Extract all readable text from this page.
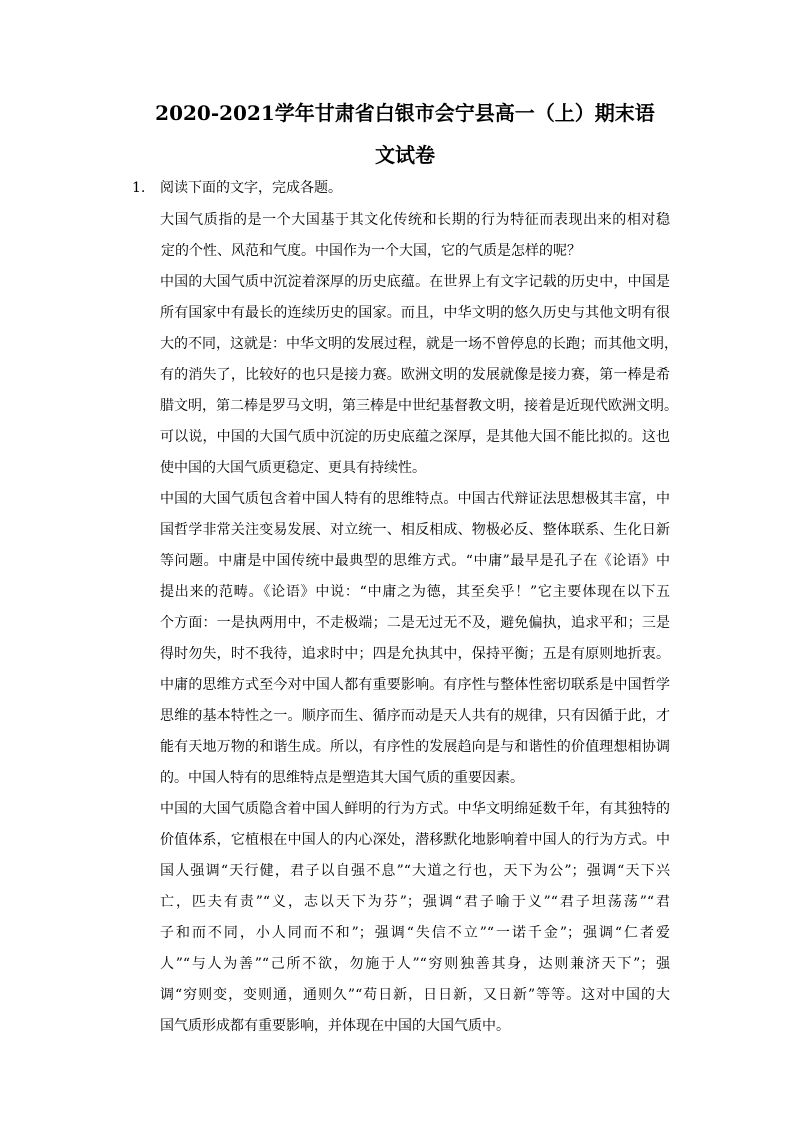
2020-2021学年甘肃省白银市会宁县高一（上）期末语
文试卷
1. 阅读下面的文字，完成各题。
大国气质指的是一个大国基于其文化传统和长期的行为特征而表现出来的相对稳
定的个性、风范和气度。中国作为一个大国，它的气质是怎样的呢？
中国的大国气质中沉淀着深厚的历史底蕴。在世界上有文字记载的历史中，中国是
所有国家中有最长的连续历史的国家。而且，中华文明的悠久历史与其他文明有很
大的不同，这就是：中华文明的发展过程，就是一场不曾停息的长跑；而其他文明，
有的消失了，比较好的也只是接力赛。欧洲文明的发展就像是接力赛，第一棒是希
腊文明，第二棒是罗马文明，第三棒是中世纪基督教文明，接着是近现代欧洲文明。
可以说，中国的大国气质中沉淀的历史底蕴之深厚，是其他大国不能比拟的。这也
使中国的大国气质更稳定、更具有持续性。
中国的大国气质包含着中国人特有的思维特点。中国古代辩证法思想极其丰富，中
国哲学非常关注变易发展、对立统一、相反相成、物极必反、整体联系、生化日新
等问题。中庸是中国传统中最典型的思维方式。“中庸”最早是孔子在《论语》中
提出来的范畴。《论语》中说：“中庸之为德，其至矣乎！”它主要体现在以下五
个方面：一是执两用中，不走极端；二是无过无不及，避免偏执，追求平和；三是
得时勿失，时不我待，追求时中；四是允执其中，保持平衡；五是有原则地折衷。
中庸的思维方式至今对中国人都有重要影响。有序性与整体性密切联系是中国哲学
思维的基本特性之一。顺序而生、循序而动是天人共有的规律，只有因循于此，才
能有天地万物的和谐生成。所以，有序性的发展趋向是与和谐性的价值理想相协调
的。中国人特有的思维特点是塑造其大国气质的重要因素。
中国的大国气质隐含着中国人鲜明的行为方式。中华文明绵延数千年，有其独特的
价值体系，它植根在中国人的内心深处，潜移默化地影响着中国人的行为方式。中
国人强调“天行健，君子以自强不息”“大道之行也，天下为公”；强调“天下兴
亡，匹夫有责”“义，志以天下为芬”；强调“君子喻于义”“君子坦荡荡”“君
子和而不同，小人同而不和”；强调“失信不立”“一诺千金”；强调“仁者爱
人”“与人为善”“己所不欲，勿施于人”“穷则独善其身，达则兼济天下”；强
调“穷则变，变则通，通则久”“苟日新，日日新，又日新”等等。这对中国的大
国气质形成都有重要影响，并体现在中国的大国气质中。
